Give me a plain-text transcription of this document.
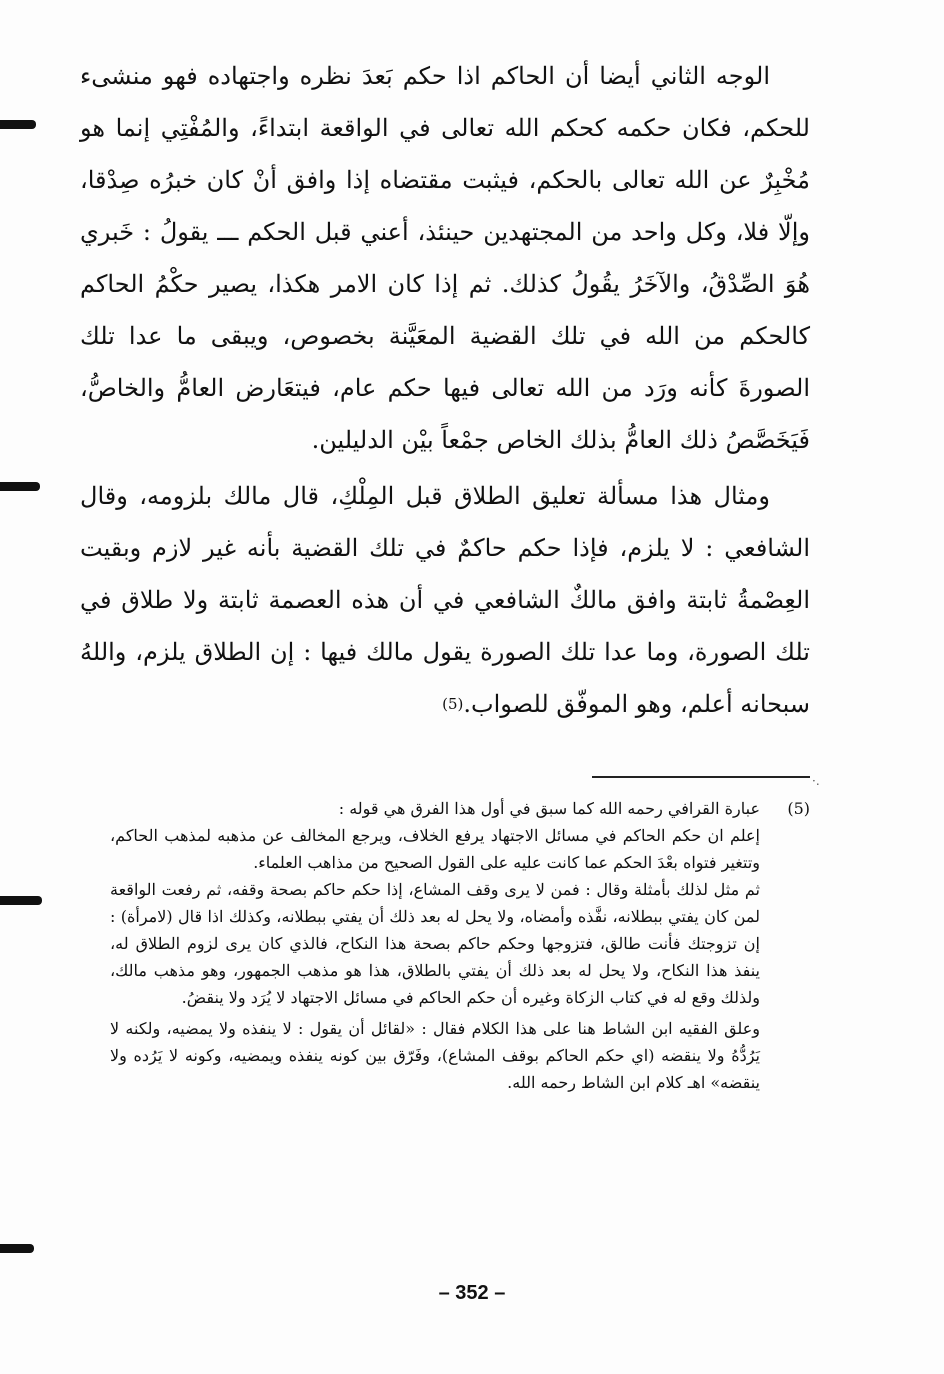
الوجه الثاني أيضا أن الحاكم اذا حكم بَعدَ نظره واجتهاده فهو منشىء للحكم، فكان حكمه كحكم الله تعالى في الواقعة ابتداءً، والمُفْتِي إنما هو مُخْبِرٌ عن الله تعالى بالحكم، فيثبت مقتضاه إذا وافق أنْ كان خبرُه صِدْقا، وإلّا فلا، وكل واحد من المجتهدين حينئذ، أعني قبل الحكم ـــ يقولُ : خَبري هُوَ الصِّدْقُ، والآخَرُ يقُولُ كذلك. ثم إذا كان الامر هكذا، يصير حكْمُ الحاكم كالحكم من الله في تلك القضية المعَيَّنة بخصوص، ويبقى ما عدا تلك الصورةَ كأنه ورَد من الله تعالى فيها حكم عام، فيتعَارض العامُّ والخاصُّ، فَيَخَصَّصُ ذلك العامُّ بذلك الخاص جمْعاً بيْن الدليلين.

ومثال هذا مسألة تعليق الطلاق قبل المِلْكِ، قال مالك بلزومه، وقال الشافعي : لا يلزم، فإذا حكم حاكمٌ في تلك القضية بأنه غير لازم وبقيت العِصْمةُ ثابتة وافق مالكٌ الشافعي في أن هذه العصمة ثابتة ولا طلاق في تلك الصورة، وما عدا تلك الصورة يقول مالك فيها : إن الطلاق يلزم، واللهُ سبحانه أعلم، وهو الموفّق للصواب.$^{(5)}$

·.
(5)

عبارة القرافي رحمه الله كما سبق في أول هذا الفرق هي قوله :

إعلم ان حكم الحاكم في مسائل الاجتهاد يرفع الخلاف، ويرجع المخالف عن مذهبه لمذهب الحاكم، وتتغير فتواه بعْدَ الحكم عما كانت عليه على القول الصحيح من مذاهب العلماء.

ثم مثل لذلك بأمثلة وقال : فمن لا يرى وقف المشاع، إذا حكم حاكم بصحة وقفه، ثم رفعت الواقعة لمن كان يفتي ببطلانه، نفَّذه وأمضاه، ولا يحل له بعد ذلك أن يفتي ببطلانه، وكذلك اذا قال (لامرأة) : إن تزوجتك فأنت طالق، فتزوجها وحكم حاكم بصحة هذا النكاح، فالذي كان يرى لزوم الطلاق له، ينفذ هذا النكاح، ولا يحل له بعد ذلك أن يفتي بالطلاق، هذا هو مذهب الجمهور، وهو مذهب مالك، ولذلك وقع له في كتاب الزكاة وغيره أن حكم الحاكم في مسائل الاجتهاد لا يُرَد ولا ينقضُ.

وعلق الفقيه ابن الشاط هنا على هذا الكلام فقال : «لقائل أن يقول : لا ينفذه ولا يمضيه، ولكنه لا يَرُدُّهُ ولا ينقضه (اي حكم الحاكم بوقف المشاع)، وفَرّق بين كونه ينفذه ويمضيه، وكونه لا يَرُده ولا ينقضه» اهـ كلام ابن الشاط رحمه الله.

– 352 –
